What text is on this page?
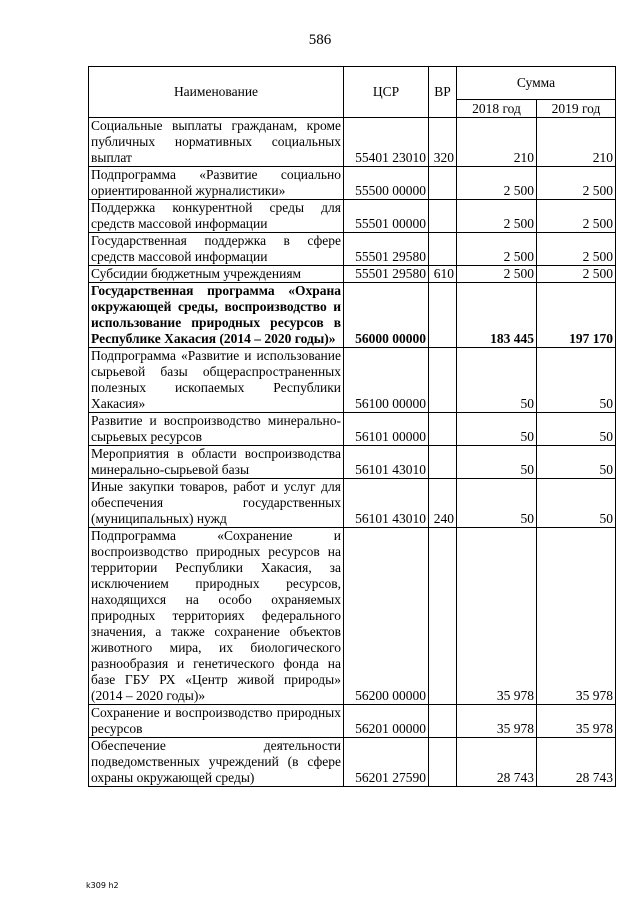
586
Наименование	ЦСР	ВР	Сумма	
			2018 год	2019 год
Социальные выплаты гражданам, кроме публичных нормативных социальных выплат	55401 23010	320	210	210
Подпрограмма «Развитие социально ориентированной журналистики»	55500 00000		2 500	2 500
Поддержка конкурентной среды для средств массовой информации	55501 00000		2 500	2 500
Государственная поддержка в сфере средств массовой информации	55501 29580		2 500	2 500
Субсидии бюджетным учреждениям	55501 29580	610	2 500	2 500
Государственная программа «Охрана окружающей среды, воспроизводство и использование природных ресурсов в Республике Хакасия (2014 – 2020 годы)»	56000 00000		183 445	197 170
Подпрограмма «Развитие и использование сырьевой базы общераспространенных полезных ископаемых Республики Хакасия»	56100 00000		50	50
Развитие и воспроизводство минерально-сырьевых ресурсов	56101 00000		50	50
Мероприятия в области воспроизводства минерально-сырьевой базы	56101 43010		50	50
Иные закупки товаров, работ и услуг для обеспечения государственных (муниципальных) нужд	56101 43010	240	50	50
Подпрограмма «Сохранение и воспроизводство природных ресурсов на территории Республики Хакасия, за исключением природных ресурсов, находящихся на особо охраняемых природных территориях федерального значения, а также сохранение объектов животного мира, их биологического разнообразия и генетического фонда на базе ГБУ РХ «Центр живой природы» (2014 – 2020 годы)»	56200 00000		35 978	35 978
Сохранение и воспроизводство природных ресурсов	56201 00000		35 978	35 978
Обеспечение деятельности подведомственных учреждений (в сфере охраны окружающей среды)	56201 27590		28 743	28 743
k309 h2
